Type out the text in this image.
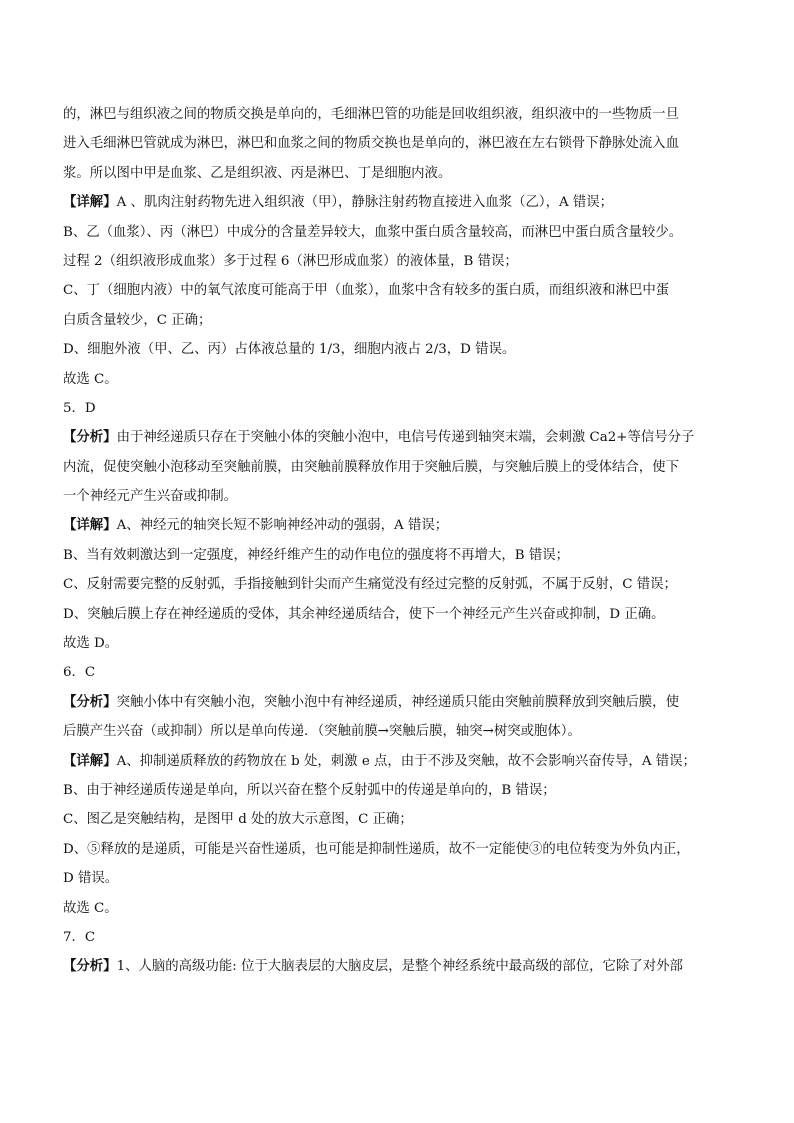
的，淋巴与组织液之间的物质交换是单向的，毛细淋巴管的功能是回收组织液，组织液中的一些物质一旦
进入毛细淋巴管就成为淋巴，淋巴和血浆之间的物质交换也是单向的，淋巴液在左右锁骨下静脉处流入血
浆。所以图中甲是血浆、乙是组织液、丙是淋巴、丁是细胞内液。
【详解】A 、肌肉注射药物先进入组织液（甲），静脉注射药物直接进入血浆（乙），A 错误；
B、乙（血浆）、丙（淋巴）中成分的含量差异较大，血浆中蛋白质含量较高，而淋巴中蛋白质含量较少。
过程 2（组织液形成血浆）多于过程 6（淋巴形成血浆）的液体量，B 错误；
C、丁（细胞内液）中的氧气浓度可能高于甲（血浆），血浆中含有较多的蛋白质，而组织液和淋巴中蛋
白质含量较少，C 正确；
D、细胞外液（甲、乙、丙）占体液总量的 1/3，细胞内液占 2/3，D 错误。
故选 C。
5．D
【分析】由于神经递质只存在于突触小体的突触小泡中，电信号传递到轴突末端，会刺激 Ca2+等信号分子
内流，促使突触小泡移动至突触前膜，由突触前膜释放作用于突触后膜，与突触后膜上的受体结合，使下
一个神经元产生兴奋或抑制。
【详解】A、神经元的轴突长短不影响神经冲动的强弱，A 错误；
B、当有效刺激达到一定强度，神经纤维产生的动作电位的强度将不再增大，B 错误；
C、反射需要完整的反射弧，手指接触到针尖而产生痛觉没有经过完整的反射弧，不属于反射，C 错误；
D、突触后膜上存在神经递质的受体，其余神经递质结合，使下一个神经元产生兴奋或抑制，D 正确。
故选 D。
6．C
【分析】突触小体中有突触小泡，突触小泡中有神经递质，神经递质只能由突触前膜释放到突触后膜，使
后膜产生兴奋（或抑制）所以是单向传递．（突触前膜→突触后膜，轴突→树突或胞体）。
【详解】A、抑制递质释放的药物放在 b 处，刺激 e 点，由于不涉及突触，故不会影响兴奋传导，A 错误；
B、由于神经递质传递是单向，所以兴奋在整个反射弧中的传递是单向的，B 错误；
C、图乙是突触结构，是图甲 d 处的放大示意图，C 正确；
D、⑤释放的是递质，可能是兴奋性递质，也可能是抑制性递质，故不一定能使③的电位转变为外负内正，
D 错误。
故选 C。
7．C
【分析】1、人脑的高级功能: 位于大脑表层的大脑皮层，是整个神经系统中最高级的部位，它除了对外部
